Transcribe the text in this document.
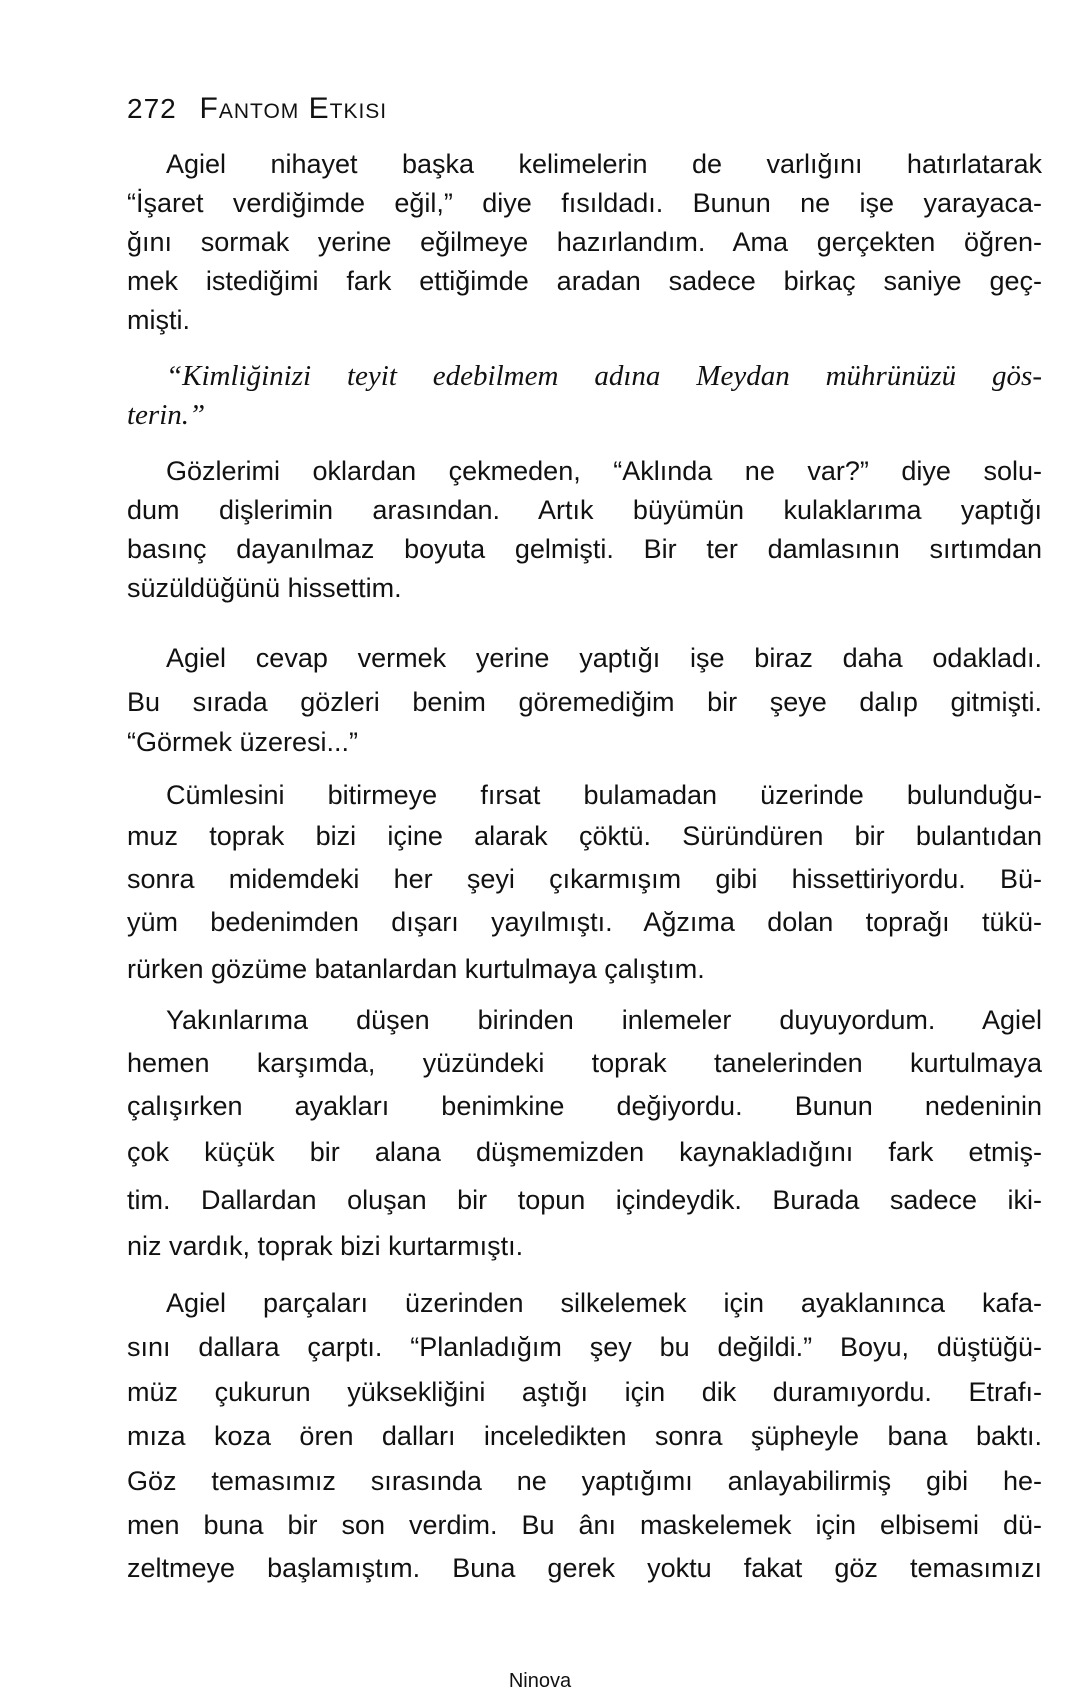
272 Fantom Etkisi
Agiel nihayet başka kelimelerin de varlığını hatırlatarak
“İşaret verdiğimde eğil,” diye fısıldadı. Bunun ne işe yarayaca-
ğını sormak yerine eğilmeye hazırlandım. Ama gerçekten öğren-
mek istediğimi fark ettiğimde aradan sadece birkaç saniye geç-
mişti.
“Kimliğinizi teyit edebilmem adına Meydan mührünüzü gös-
terin.”
Gözlerimi oklardan çekmeden, “Aklında ne var?” diye solu-
dum dişlerimin arasından. Artık büyümün kulaklarıma yaptığı
basınç dayanılmaz boyuta gelmişti. Bir ter damlasının sırtımdan
süzüldüğünü hissettim.
Agiel cevap vermek yerine yaptığı işe biraz daha odakladı.
Bu sırada gözleri benim göremediğim bir şeye dalıp gitmişti.
“Görmek üzeresi...”
Cümlesini bitirmeye fırsat bulamadan üzerinde bulunduğu-
muz toprak bizi içine alarak çöktü. Süründüren bir bulantıdan
sonra midemdeki her şeyi çıkarmışım gibi hissettiriyordu. Bü-
yüm bedenimden dışarı yayılmıştı. Ağzıma dolan toprağı tükü-
rürken gözüme batanlardan kurtulmaya çalıştım.
Yakınlarıma düşen birinden inlemeler duyuyordum. Agiel
hemen karşımda, yüzündeki toprak tanelerinden kurtulmaya
çalışırken ayakları benimkine değiyordu. Bunun nedeninin
çok küçük bir alana düşmemizden kaynakladığını fark etmiş-
tim. Dallardan oluşan bir topun içindeydik. Burada sadece iki-
niz vardık, toprak bizi kurtarmıştı.
Agiel parçaları üzerinden silkelemek için ayaklanınca kafa-
sını dallara çarptı. “Planladığım şey bu değildi.” Boyu, düştüğü-
müz çukurun yüksekliğini aştığı için dik duramıyordu. Etrafı-
mıza koza ören dalları inceledikten sonra şüpheyle bana baktı.
Göz temasımız sırasında ne yaptığımı anlayabilirmiş gibi he-
men buna bir son verdim. Bu ânı maskelemek için elbisemi dü-
zeltmeye başlamıştım. Buna gerek yoktu fakat göz temasımızı
Ninova
